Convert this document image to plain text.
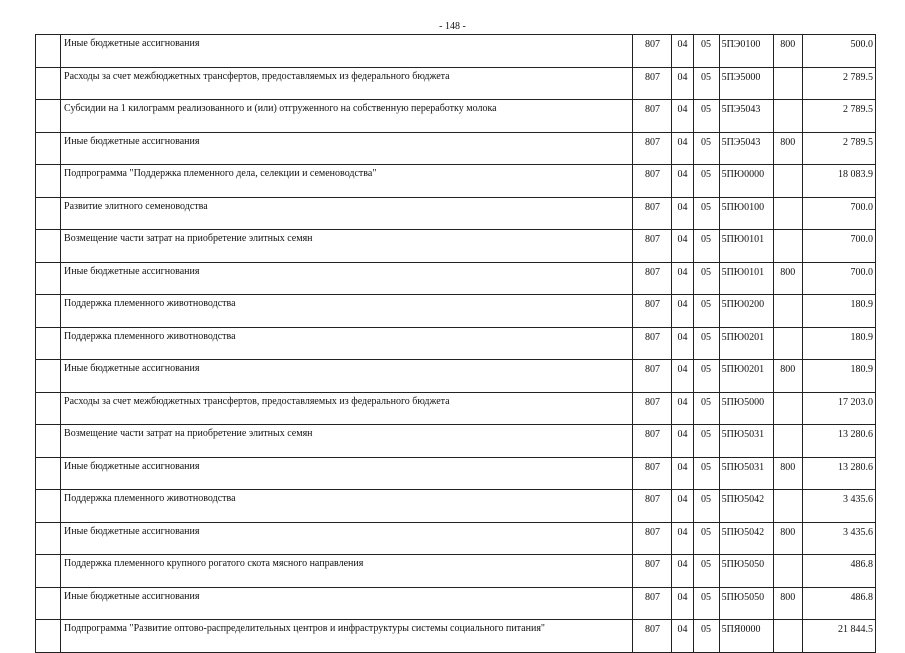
- 148 -
	Иные бюджетные ассигнования	807	04	05	5ПЭ0100	800	500.0
	Расходы за счет межбюджетных трансфертов, предоставляемых из федерального бюджета	807	04	05	5ПЭ5000		2 789.5
	Субсидии на 1 килограмм реализованного и (или) отгруженного на собственную переработку молока	807	04	05	5ПЭ5043		2 789.5
	Иные бюджетные ассигнования	807	04	05	5ПЭ5043	800	2 789.5
	Подпрограмма "Поддержка племенного дела, селекции и семеноводства"	807	04	05	5ПЮ0000		18 083.9
	Развитие элитного семеноводства	807	04	05	5ПЮ0100		700.0
	Возмещение части затрат на приобретение элитных семян	807	04	05	5ПЮ0101		700.0
	Иные бюджетные ассигнования	807	04	05	5ПЮ0101	800	700.0
	Поддержка племенного животноводства	807	04	05	5ПЮ0200		180.9
	Поддержка племенного животноводства	807	04	05	5ПЮ0201		180.9
	Иные бюджетные ассигнования	807	04	05	5ПЮ0201	800	180.9
	Расходы за счет межбюджетных трансфертов, предоставляемых из федерального бюджета	807	04	05	5ПЮ5000		17 203.0
	Возмещение части затрат на приобретение элитных семян	807	04	05	5ПЮ5031		13 280.6
	Иные бюджетные ассигнования	807	04	05	5ПЮ5031	800	13 280.6
	Поддержка племенного животноводства	807	04	05	5ПЮ5042		3 435.6
	Иные бюджетные ассигнования	807	04	05	5ПЮ5042	800	3 435.6
	Поддержка племенного крупного рогатого скота мясного направления	807	04	05	5ПЮ5050		486.8
	Иные бюджетные ассигнования	807	04	05	5ПЮ5050	800	486.8
	Подпрограмма "Развитие оптово-распределительных центров и инфраструктуры системы социального питания"	807	04	05	5ПЯ0000		21 844.5
